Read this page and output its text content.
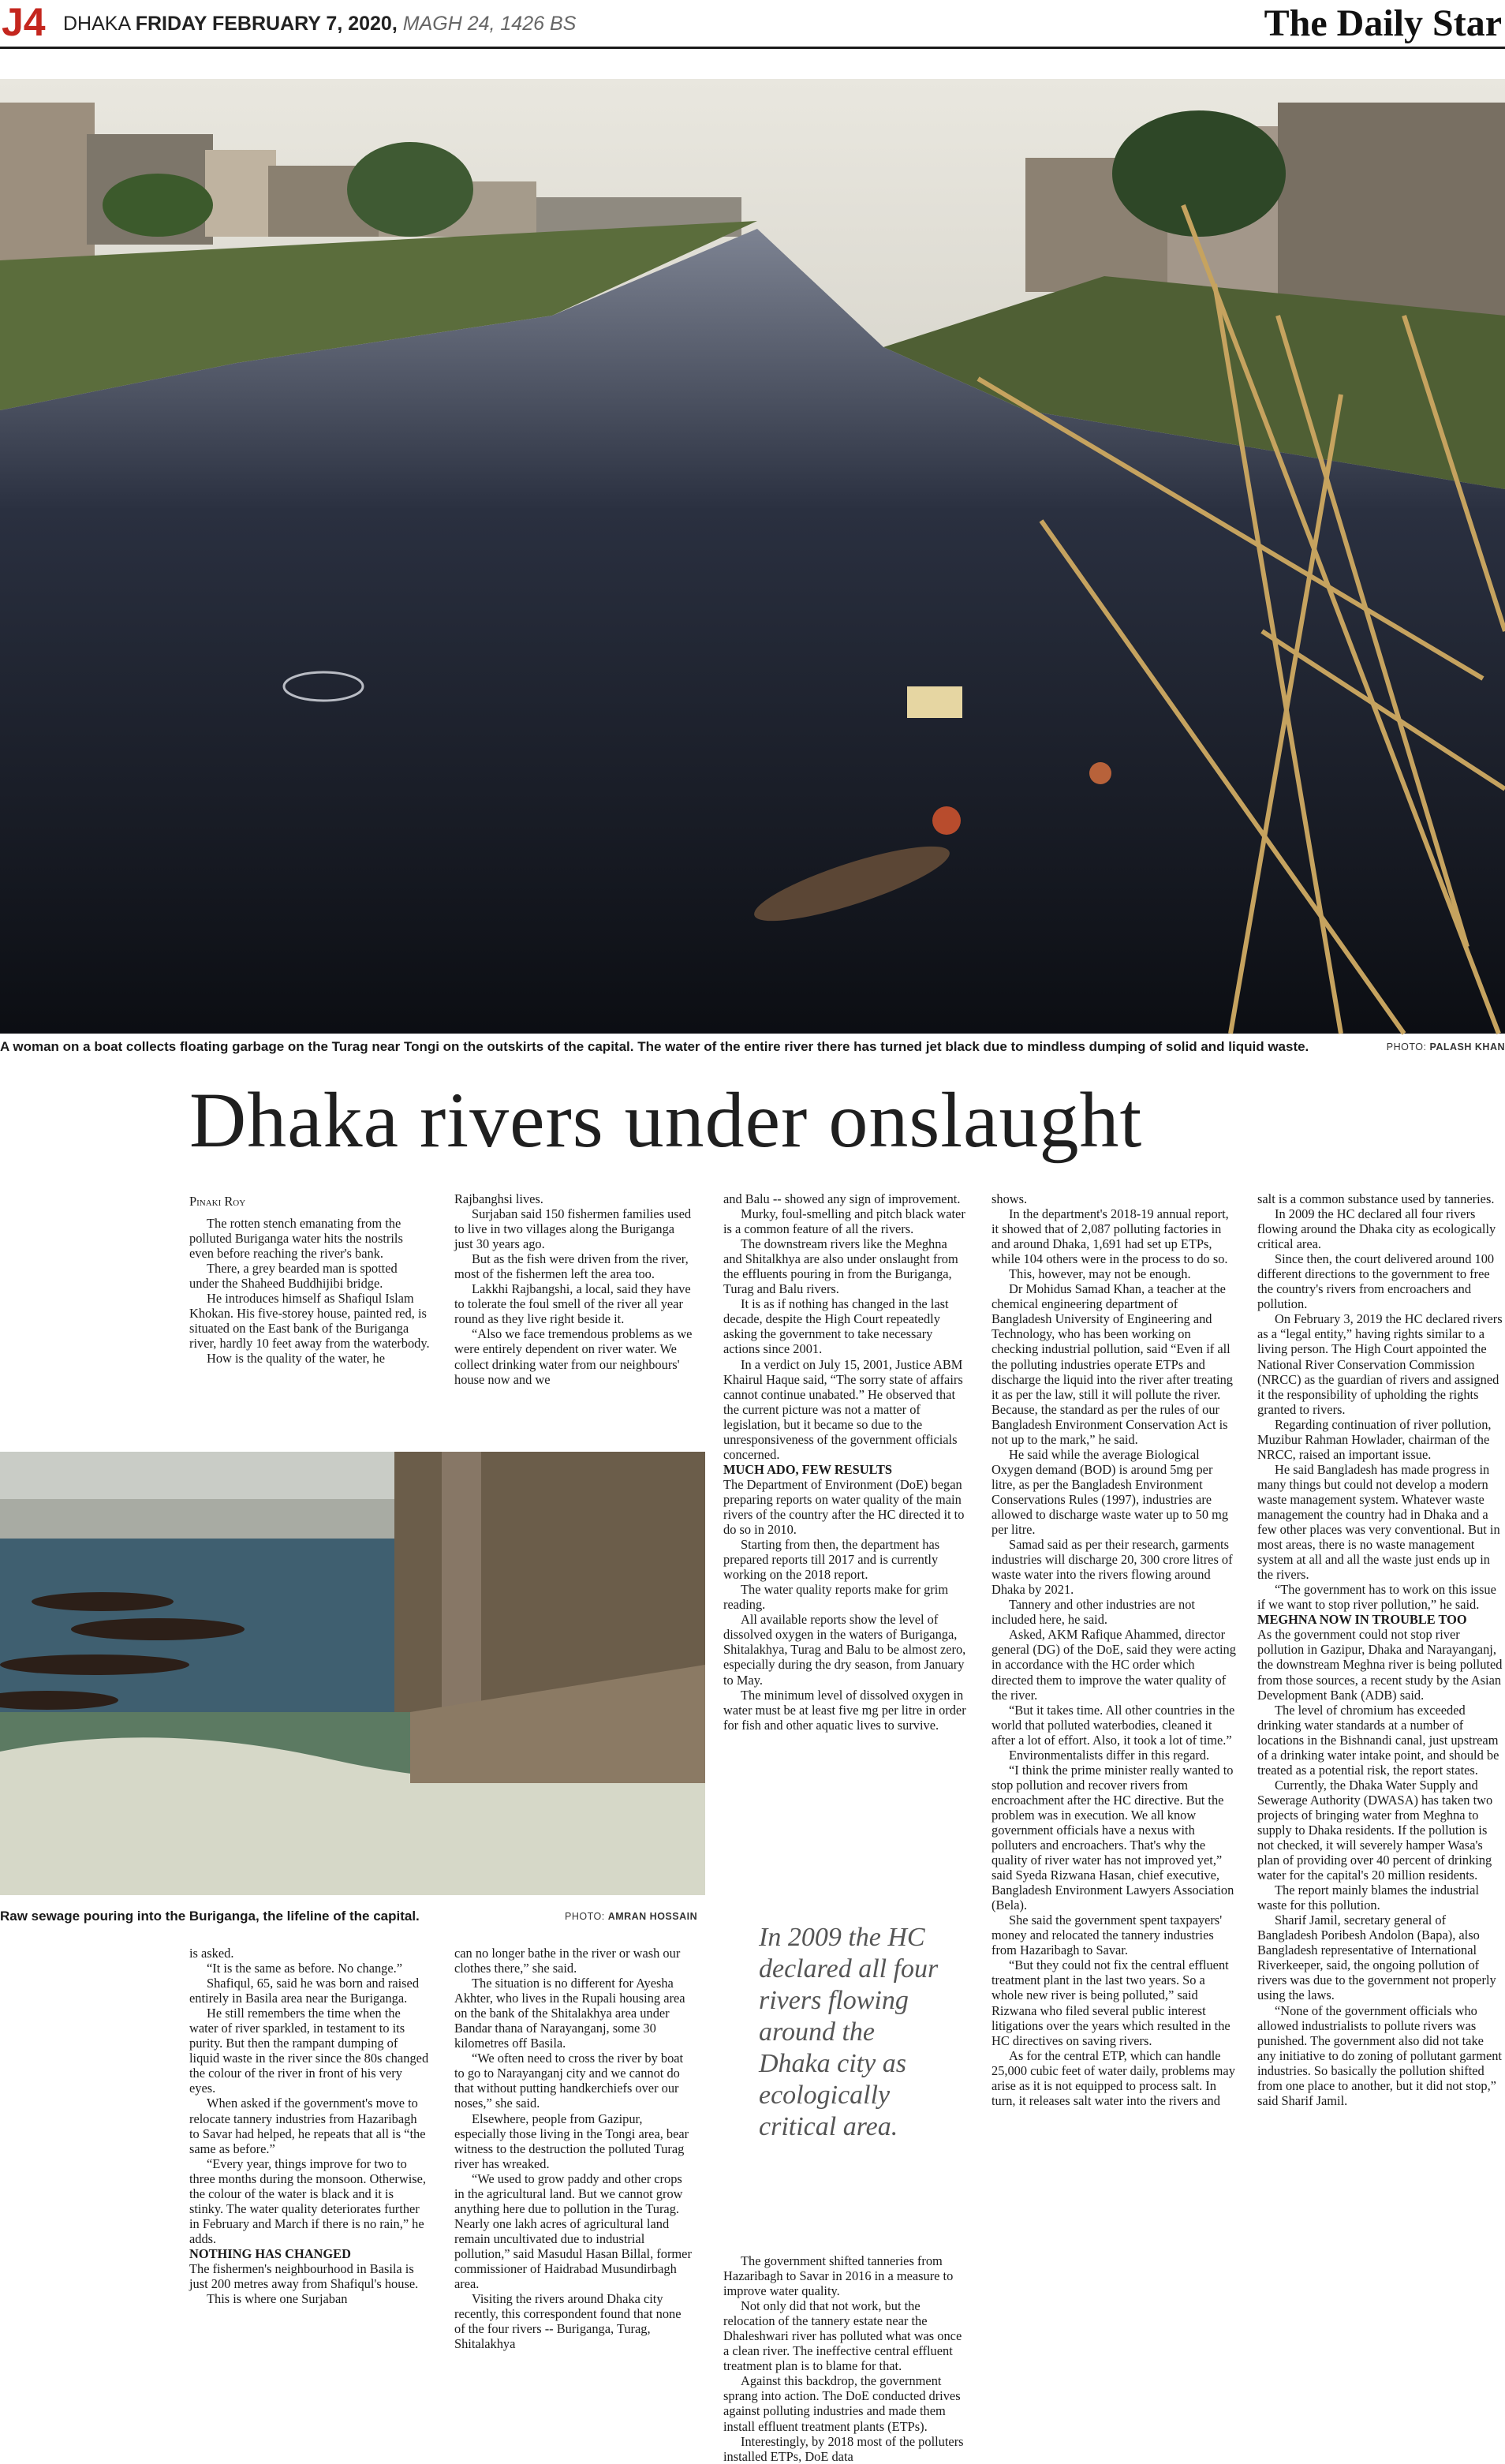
J4 DHAKA FRIDAY FEBRUARY 7, 2020, MAGH 24, 1426 BS	The Daily Star
A woman on a boat collects floating garbage on the Turag near Tongi on the outskirts of the capital. The water of the entire river there has turned jet black due to mindless dumping of solid and liquid waste.	PHOTO: PALASH KHAN
Dhaka rivers under onslaught
Raw sewage pouring into the Buriganga, the lifeline of the capital.	PHOTO: AMRAN HOSSAIN
Pinaki Roy

The rotten stench emanating from the polluted Buriganga water hits the nostrils even before reaching the river's bank.

There, a grey bearded man is spotted under the Shaheed Buddhijibi bridge.

He introduces himself as Shafiqul Islam Khokan. His five-storey house, painted red, is situated on the East bank of the Buriganga river, hardly 10 feet away from the waterbody.

How is the quality of the water, he

is asked.

“It is the same as before. No change.”

Shafiqul, 65, said he was born and raised entirely in Basila area near the Buriganga.

He still remembers the time when the water of river sparkled, in testament to its purity. But then the rampant dumping of liquid waste in the river since the 80s changed the colour of the river in front of his very eyes.

When asked if the government's move to relocate tannery industries from Hazaribagh to Savar had helped, he repeats that all is “the same as before.”

“Every year, things improve for two to three months during the monsoon. Otherwise, the colour of the water is black and it is stinky. The water quality deteriorates further in February and March if there is no rain,” he adds.

NOTHING HAS CHANGED

The fishermen's neighbourhood in Basila is just 200 metres away from Shafiqul's house.

This is where one Surjaban

Rajbanghsi lives.

Surjaban said 150 fishermen families used to live in two villages along the Buriganga just 30 years ago.

But as the fish were driven from the river, most of the fishermen left the area too.

Lakkhi Rajbangshi, a local, said they have to tolerate the foul smell of the river all year round as they live right beside it.

“Also we face tremendous problems as we were entirely dependent on river water. We collect drinking water from our neighbours' house now and we

can no longer bathe in the river or wash our clothes there,” she said.

The situation is no different for Ayesha Akhter, who lives in the Rupali housing area on the bank of the Shitalakhya area under Bandar thana of Narayanganj, some 30 kilometres off Basila.

“We often need to cross the river by boat to go to Narayanganj city and we cannot do that without putting handkerchiefs over our noses,” she said.

Elsewhere, people from Gazipur, especially those living in the Tongi area, bear witness to the destruction the polluted Turag river has wreaked.

“We used to grow paddy and other crops in the agricultural land. But we cannot grow anything here due to pollution in the Turag. Nearly one lakh acres of agricultural land remain uncultivated due to industrial pollution,” said Masudul Hasan Billal, former commissioner of Haidrabad Musundirbagh area.

Visiting the rivers around Dhaka city recently, this correspondent found that none of the four rivers -- Buriganga, Turag, Shitalakhya

and Balu -- showed any sign of improvement.

Murky, foul-smelling and pitch black water is a common feature of all the rivers.

The downstream rivers like the Meghna and Shitalkhya are also under onslaught from the effluents pouring in from the Buriganga, Turag and Balu rivers.

It is as if nothing has changed in the last decade, despite the High Court repeatedly asking the government to take necessary actions since 2001.

In a verdict on July 15, 2001, Justice ABM Khairul Haque said, “The sorry state of affairs cannot continue unabated.” He observed that the current picture was not a matter of legislation, but it became so due to the unresponsiveness of the government officials concerned.

MUCH ADO, FEW RESULTS

The Department of Environment (DoE) began preparing reports on water quality of the main rivers of the country after the HC directed it to do so in 2010.

Starting from then, the department has prepared reports till 2017 and is currently working on the 2018 report.

The water quality reports make for grim reading.

All available reports show the level of dissolved oxygen in the waters of Buriganga, Shitalakhya, Turag and Balu to be almost zero, especially during the dry season, from January to May.

The minimum level of dissolved oxygen in water must be at least five mg per litre in order for fish and other aquatic lives to survive.

In 2009 the HC declared all four rivers flowing around the Dhaka city as ecologically critical area.

The government shifted tanneries from Hazaribagh to Savar in 2016 in a measure to improve water quality.

Not only did that not work, but the relocation of the tannery estate near the Dhaleshwari river has polluted what was once a clean river. The ineffective central effluent treatment plan is to blame for that.

Against this backdrop, the government sprang into action. The DoE conducted drives against polluting industries and made them install effluent treatment plants (ETPs).

Interestingly, by 2018 most of the polluters installed ETPs, DoE data

shows.

In the department's 2018-19 annual report, it showed that of 2,087 polluting factories in and around Dhaka, 1,691 had set up ETPs, while 104 others were in the process to do so.

This, however, may not be enough.

Dr Mohidus Samad Khan, a teacher at the chemical engineering department of Bangladesh University of Engineering and Technology, who has been working on checking industrial pollution, said “Even if all the polluting industries operate ETPs and discharge the liquid into the river after treating it as per the law, still it will pollute the river. Because, the standard as per the rules of our Bangladesh Environment Conservation Act is not up to the mark,” he said.

He said while the average Biological Oxygen demand (BOD) is around 5mg per litre, as per the Bangladesh Environment Conservations Rules (1997), industries are allowed to discharge waste water up to 50 mg per litre.

Samad said as per their research, garments industries will discharge 20, 300 crore litres of waste water into the rivers flowing around Dhaka by 2021.

Tannery and other industries are not included here, he said.

Asked, AKM Rafique Ahammed, director general (DG) of the DoE, said they were acting in accordance with the HC order which directed them to improve the water quality of the river.

“But it takes time. All other countries in the world that polluted waterbodies, cleaned it after a lot of effort. Also, it took a lot of time.”

Environmentalists differ in this regard.

“I think the prime minister really wanted to stop pollution and recover rivers from encroachment after the HC directive. But the problem was in execution. We all know government officials have a nexus with polluters and encroachers. That's why the quality of river water has not improved yet,” said Syeda Rizwana Hasan, chief executive, Bangladesh Environment Lawyers Association (Bela).

She said the government spent taxpayers' money and relocated the tannery industries from Hazaribagh to Savar.

“But they could not fix the central effluent treatment plant in the last two years. So a whole new river is being polluted,” said Rizwana who filed several public interest litigations over the years which resulted in the HC directives on saving rivers.

As for the central ETP, which can handle 25,000 cubic feet of water daily, problems may arise as it is not equipped to process salt. In turn, it releases salt water into the rivers and

salt is a common substance used by tanneries.

In 2009 the HC declared all four rivers flowing around the Dhaka city as ecologically critical area.

Since then, the court delivered around 100 different directions to the government to free the country's rivers from encroachers and pollution.

On February 3, 2019 the HC declared rivers as a “legal entity,” having rights similar to a living person. The High Court appointed the National River Conservation Commission (NRCC) as the guardian of rivers and assigned it the responsibility of upholding the rights granted to rivers.

Regarding continuation of river pollution, Muzibur Rahman Howlader, chairman of the NRCC, raised an important issue.

He said Bangladesh has made progress in many things but could not develop a modern waste management system. Whatever waste management the country had in Dhaka and a few other places was very conventional. But in most areas, there is no waste management system at all and all the waste just ends up in the rivers.

“The government has to work on this issue if we want to stop river pollution,” he said.

MEGHNA NOW IN TROUBLE TOO

As the government could not stop river pollution in Gazipur, Dhaka and Narayanganj, the downstream Meghna river is being polluted from those sources, a recent study by the Asian Development Bank (ADB) said.

The level of chromium has exceeded drinking water standards at a number of locations in the Bishnandi canal, just upstream of a drinking water intake point, and should be treated as a potential risk, the report states.

Currently, the Dhaka Water Supply and Sewerage Authority (DWASA) has taken two projects of bringing water from Meghna to supply to Dhaka residents. If the pollution is not checked, it will severely hamper Wasa's plan of providing over 40 percent of drinking water for the capital's 20 million residents.

The report mainly blames the industrial waste for this pollution.

Sharif Jamil, secretary general of Bangladesh Poribesh Andolon (Bapa), also Bangladesh representative of International Riverkeeper, said, the ongoing pollution of rivers was due to the government not properly using the laws.

“None of the government officials who allowed industrialists to pollute rivers was punished. The government also did not take any initiative to do zoning of pollutant garment industries. So basically the pollution shifted from one place to another, but it did not stop,” said Sharif Jamil.
